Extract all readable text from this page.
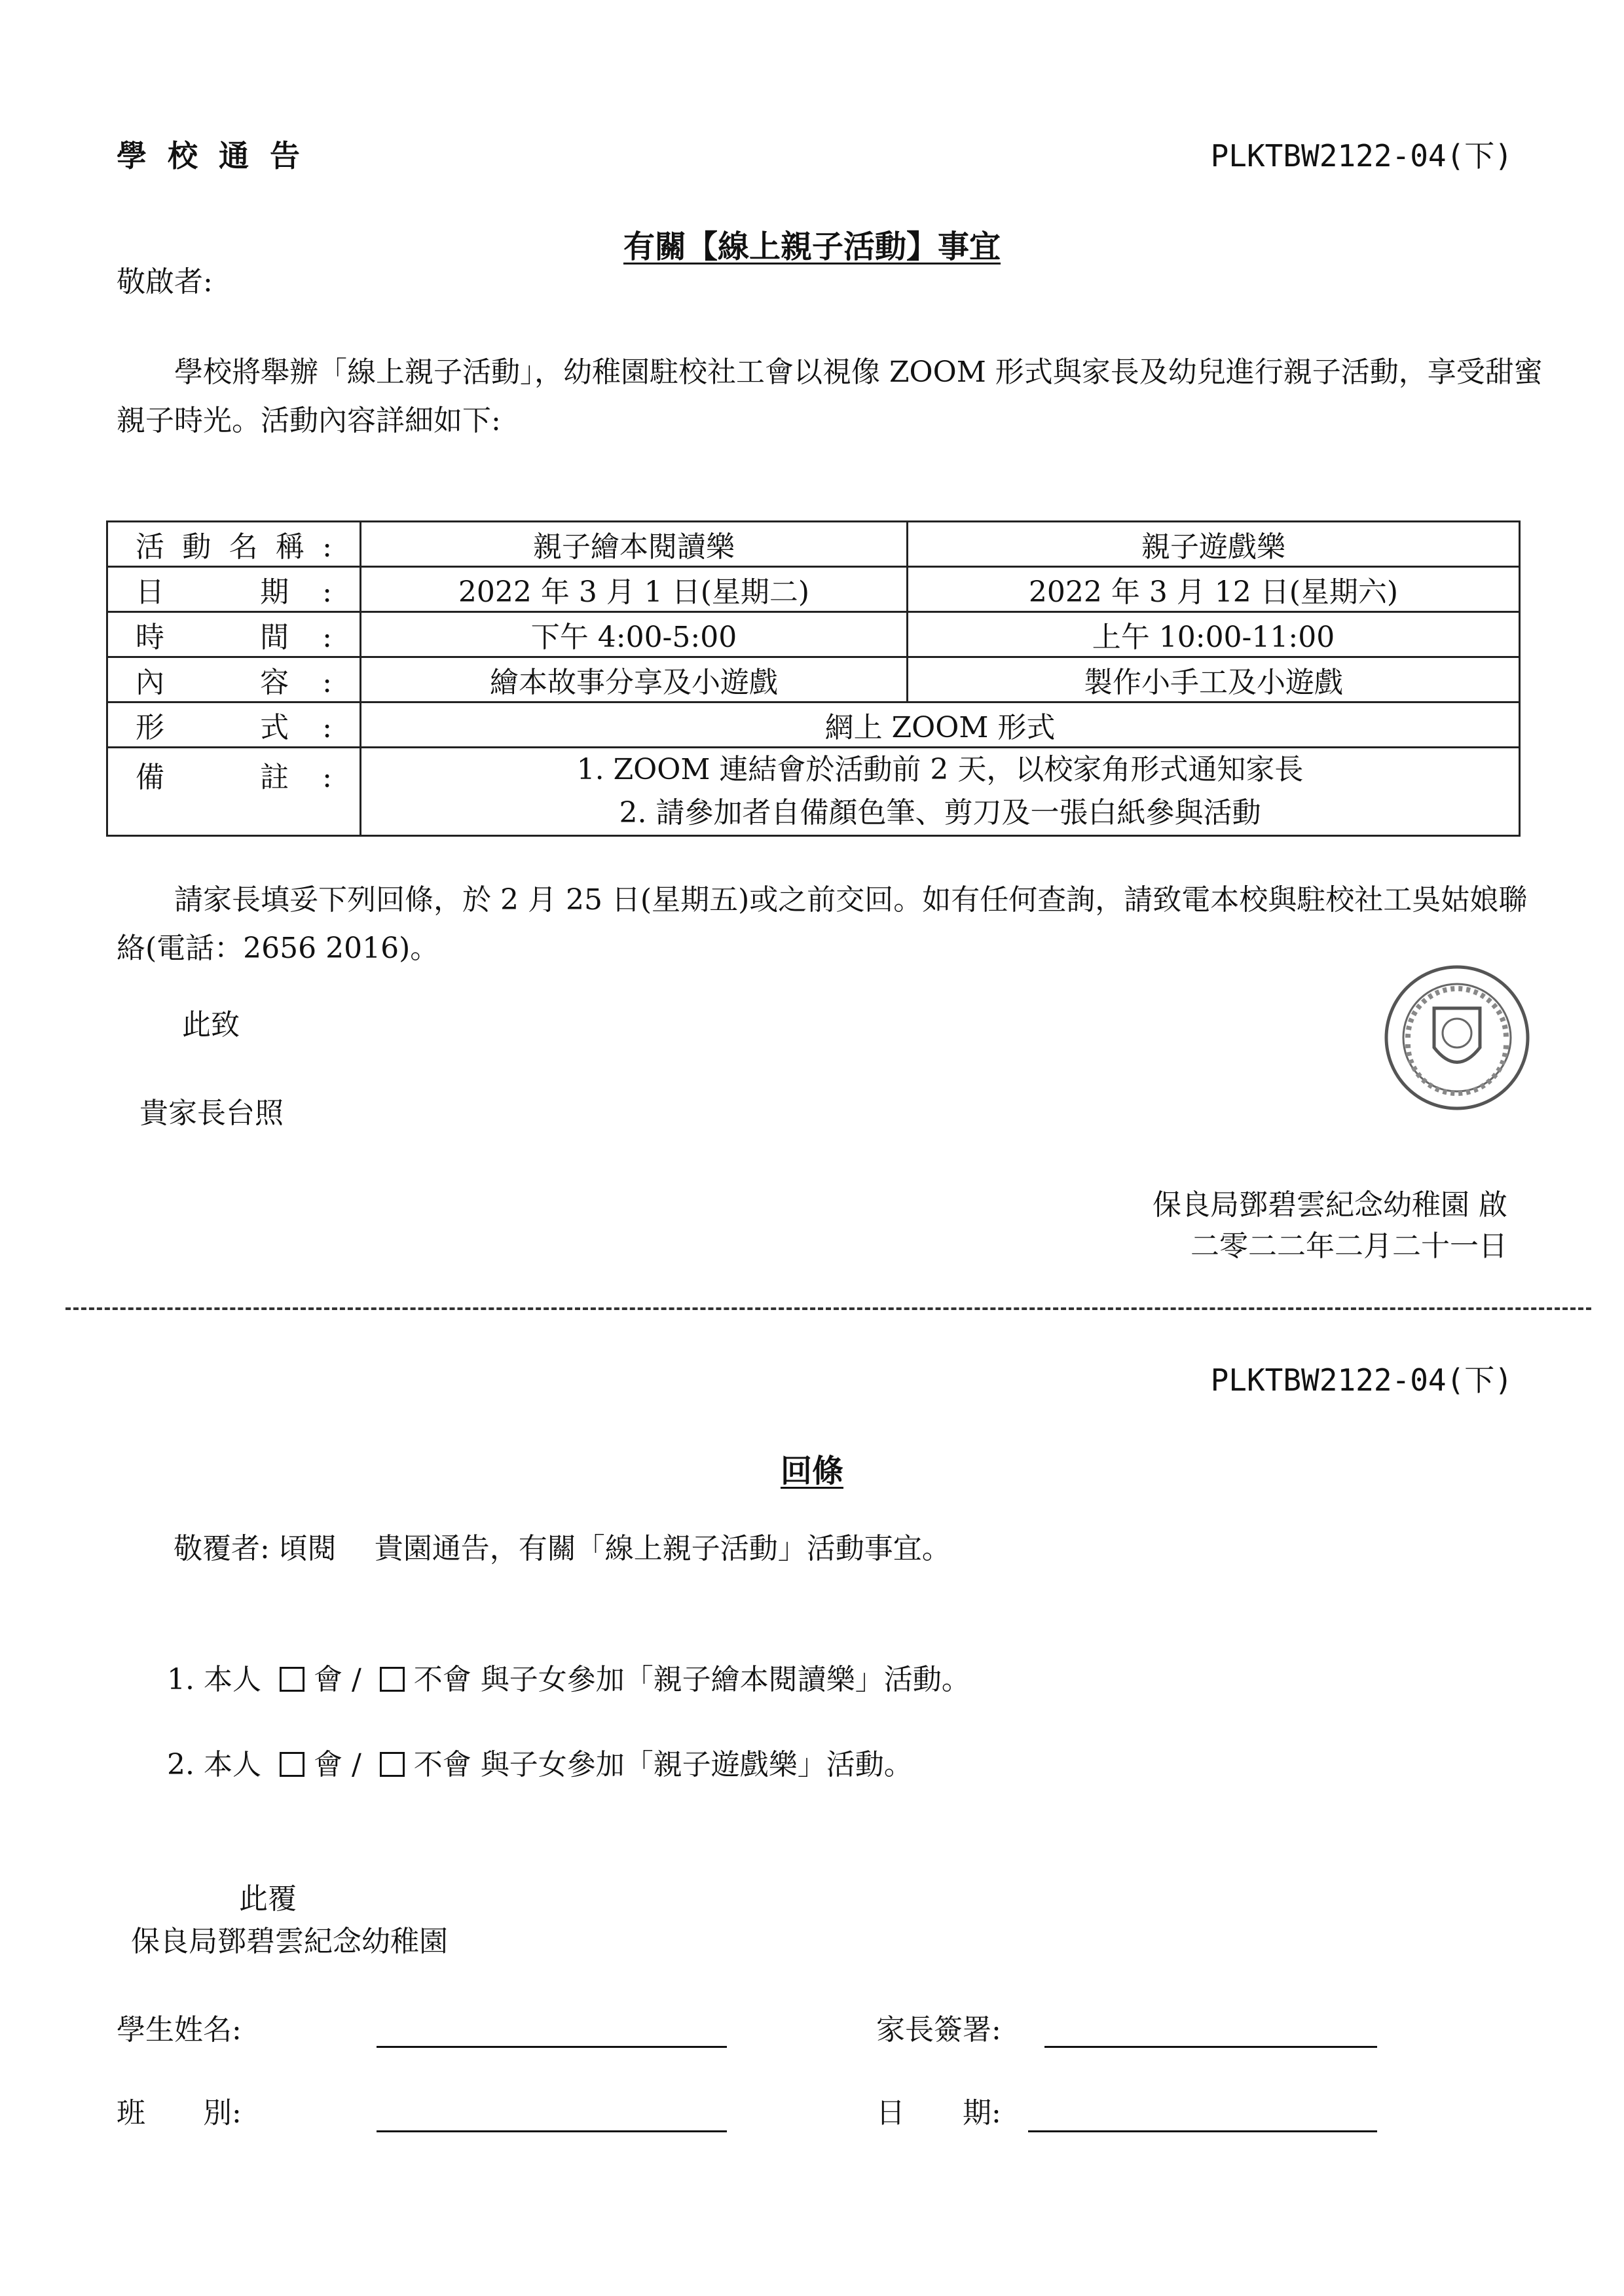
學校通告	PLKTBW2122-04(下)
有關【線上親子活動】事宜
敬啟者:
學校將舉辦「線上親子活動」，幼稚園駐校社工會以視像 ZOOM 形式與家長及幼兒進行親子活動，享受甜蜜親子時光。活動內容詳細如下:
活動名稱:	親子繪本閱讀樂	親子遊戲樂
日　期:	2022 年 3 月 1 日(星期二)	2022 年 3 月 12 日(星期六)
時　間:	下午 4:00-5:00	上午 10:00-11:00
內　容:	繪本故事分享及小遊戲	製作小手工及小遊戲
形　式:	網上 ZOOM 形式	
備　註:	1. ZOOM 連結會於活動前 2 天，以校家角形式通知家長
2. 請參加者自備顏色筆、剪刀及一張白紙參與活動	
請家長填妥下列回條，於 2 月 25 日(星期五)或之前交回。如有任何查詢，請致電本校與駐校社工吳姑娘聯絡(電話：2656 2016)。
此致
貴家長台照
保良局鄧碧雲紀念幼稚園 啟
二零二二年二月二十一日
PLKTBW2122-04(下)
回條
敬覆者: 頃閱　 貴園通告，有關「線上親子活動」活動事宜。
1. 本人 會 / 不會 與子女參加「親子繪本閱讀樂」活動。
2. 本人 會 / 不會 與子女參加「親子遊戲樂」活動。
此覆
保良局鄧碧雲紀念幼稚園
學生姓名:	家長簽署:
班　　別:	日　　期:
